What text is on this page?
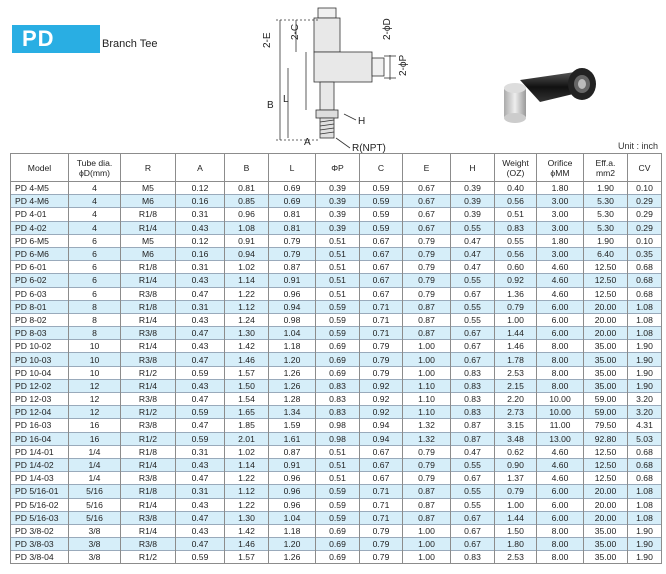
PD	Branch Tee	2-E
2-C	2-ϕD
2-ϕP
B
L
H
A
R(NPT)	Unit : inch
Model	Tube dia.
ϕD(mm)	R	A	B	L	ΦP	C	E	H	Weight
(OZ)	Orifice
ϕMM	Eff.a.
mm2	CV
PD 4-M5	4	M5	0.12	0.81	0.69	0.39	0.59	0.67	0.39	0.40	1.80	1.90	0.10
PD 4-M6	4	M6	0.16	0.85	0.69	0.39	0.59	0.67	0.39	0.56	3.00	5.30	0.29
PD 4-01	4	R1/8	0.31	0.96	0.81	0.39	0.59	0.67	0.39	0.51	3.00	5.30	0.29
PD 4-02	4	R1/4	0.43	1.08	0.81	0.39	0.59	0.67	0.55	0.83	3.00	5.30	0.29
PD 6-M5	6	M5	0.12	0.91	0.79	0.51	0.67	0.79	0.47	0.55	1.80	1.90	0.10
PD 6-M6	6	M6	0.16	0.94	0.79	0.51	0.67	0.79	0.47	0.56	3.00	6.40	0.35
PD 6-01	6	R1/8	0.31	1.02	0.87	0.51	0.67	0.79	0.47	0.60	4.60	12.50	0.68
PD 6-02	6	R1/4	0.43	1.14	0.91	0.51	0.67	0.79	0.55	0.92	4.60	12.50	0.68
PD 6-03	6	R3/8	0.47	1.22	0.96	0.51	0.67	0.79	0.67	1.36	4.60	12.50	0.68
PD 8-01	8	R1/8	0.31	1.12	0.94	0.59	0.71	0.87	0.55	0.79	6.00	20.00	1.08
PD 8-02	8	R1/4	0.43	1.24	0.98	0.59	0.71	0.87	0.55	1.00	6.00	20.00	1.08
PD 8-03	8	R3/8	0.47	1.30	1.04	0.59	0.71	0.87	0.67	1.44	6.00	20.00	1.08
PD 10-02	10	R1/4	0.43	1.42	1.18	0.69	0.79	1.00	0.67	1.46	8.00	35.00	1.90
PD 10-03	10	R3/8	0.47	1.46	1.20	0.69	0.79	1.00	0.67	1.78	8.00	35.00	1.90
PD 10-04	10	R1/2	0.59	1.57	1.26	0.69	0.79	1.00	0.83	2.53	8.00	35.00	1.90
PD 12-02	12	R1/4	0.43	1.50	1.26	0.83	0.92	1.10	0.83	2.15	8.00	35.00	1.90
PD 12-03	12	R3/8	0.47	1.54	1.28	0.83	0.92	1.10	0.83	2.20	10.00	59.00	3.20
PD 12-04	12	R1/2	0.59	1.65	1.34	0.83	0.92	1.10	0.83	2.73	10.00	59.00	3.20
PD 16-03	16	R3/8	0.47	1.85	1.59	0.98	0.94	1.32	0.87	3.15	11.00	79.50	4.31
PD 16-04	16	R1/2	0.59	2.01	1.61	0.98	0.94	1.32	0.87	3.48	13.00	92.80	5.03
PD 1/4-01	1/4	R1/8	0.31	1.02	0.87	0.51	0.67	0.79	0.47	0.62	4.60	12.50	0.68
PD 1/4-02	1/4	R1/4	0.43	1.14	0.91	0.51	0.67	0.79	0.55	0.90	4.60	12.50	0.68
PD 1/4-03	1/4	R3/8	0.47	1.22	0.96	0.51	0.67	0.79	0.67	1.37	4.60	12.50	0.68
PD 5/16-01	5/16	R1/8	0.31	1.12	0.96	0.59	0.71	0.87	0.55	0.79	6.00	20.00	1.08
PD 5/16-02	5/16	R1/4	0.43	1.22	0.96	0.59	0.71	0.87	0.55	1.00	6.00	20.00	1.08
PD 5/16-03	5/16	R3/8	0.47	1.30	1.04	0.59	0.71	0.87	0.67	1.44	6.00	20.00	1.08
PD 3/8-02	3/8	R1/4	0.43	1.42	1.18	0.69	0.79	1.00	0.67	1.50	8.00	35.00	1.90
PD 3/8-03	3/8	R3/8	0.47	1.46	1.20	0.69	0.79	1.00	0.67	1.80	8.00	35.00	1.90
PD 3/8-04	3/8	R1/2	0.59	1.57	1.26	0.69	0.79	1.00	0.83	2.53	8.00	35.00	1.90
